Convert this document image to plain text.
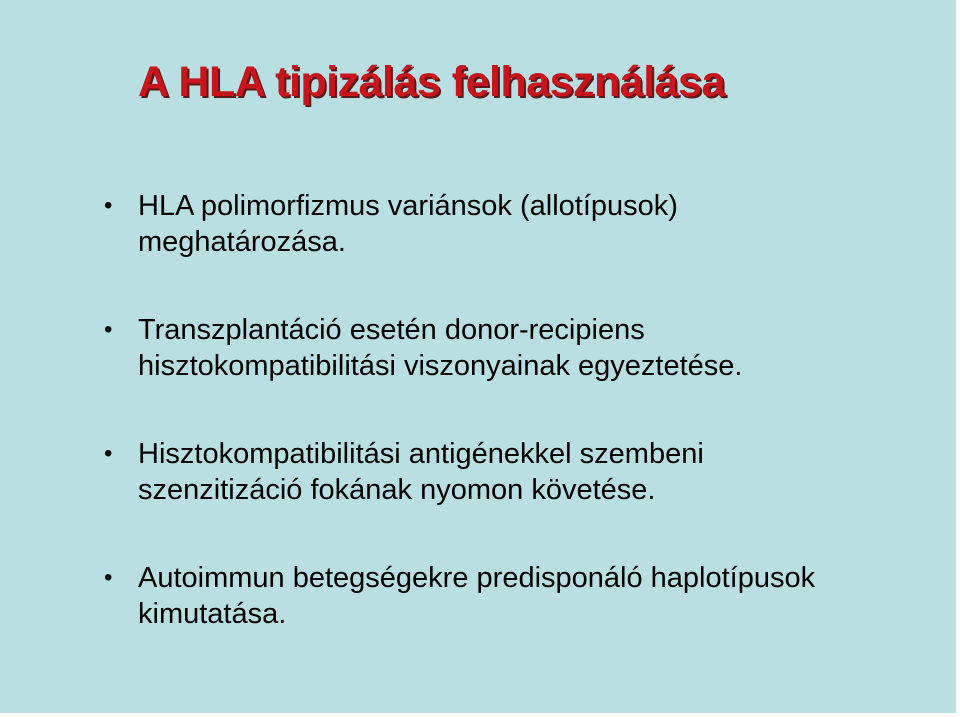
A HLA tipizálás felhasználása
• HLA polimorfizmus variánsok (allotípusok) meghatározása.
• Transzplantáció esetén donor-recipiens hisztokompatibilitási viszonyainak egyeztetése.
• Hisztokompatibilitási antigénekkel szembeni szenzitizáció fokának nyomon követése.
• Autoimmun betegségekre predisponáló haplotípusok kimutatása.
